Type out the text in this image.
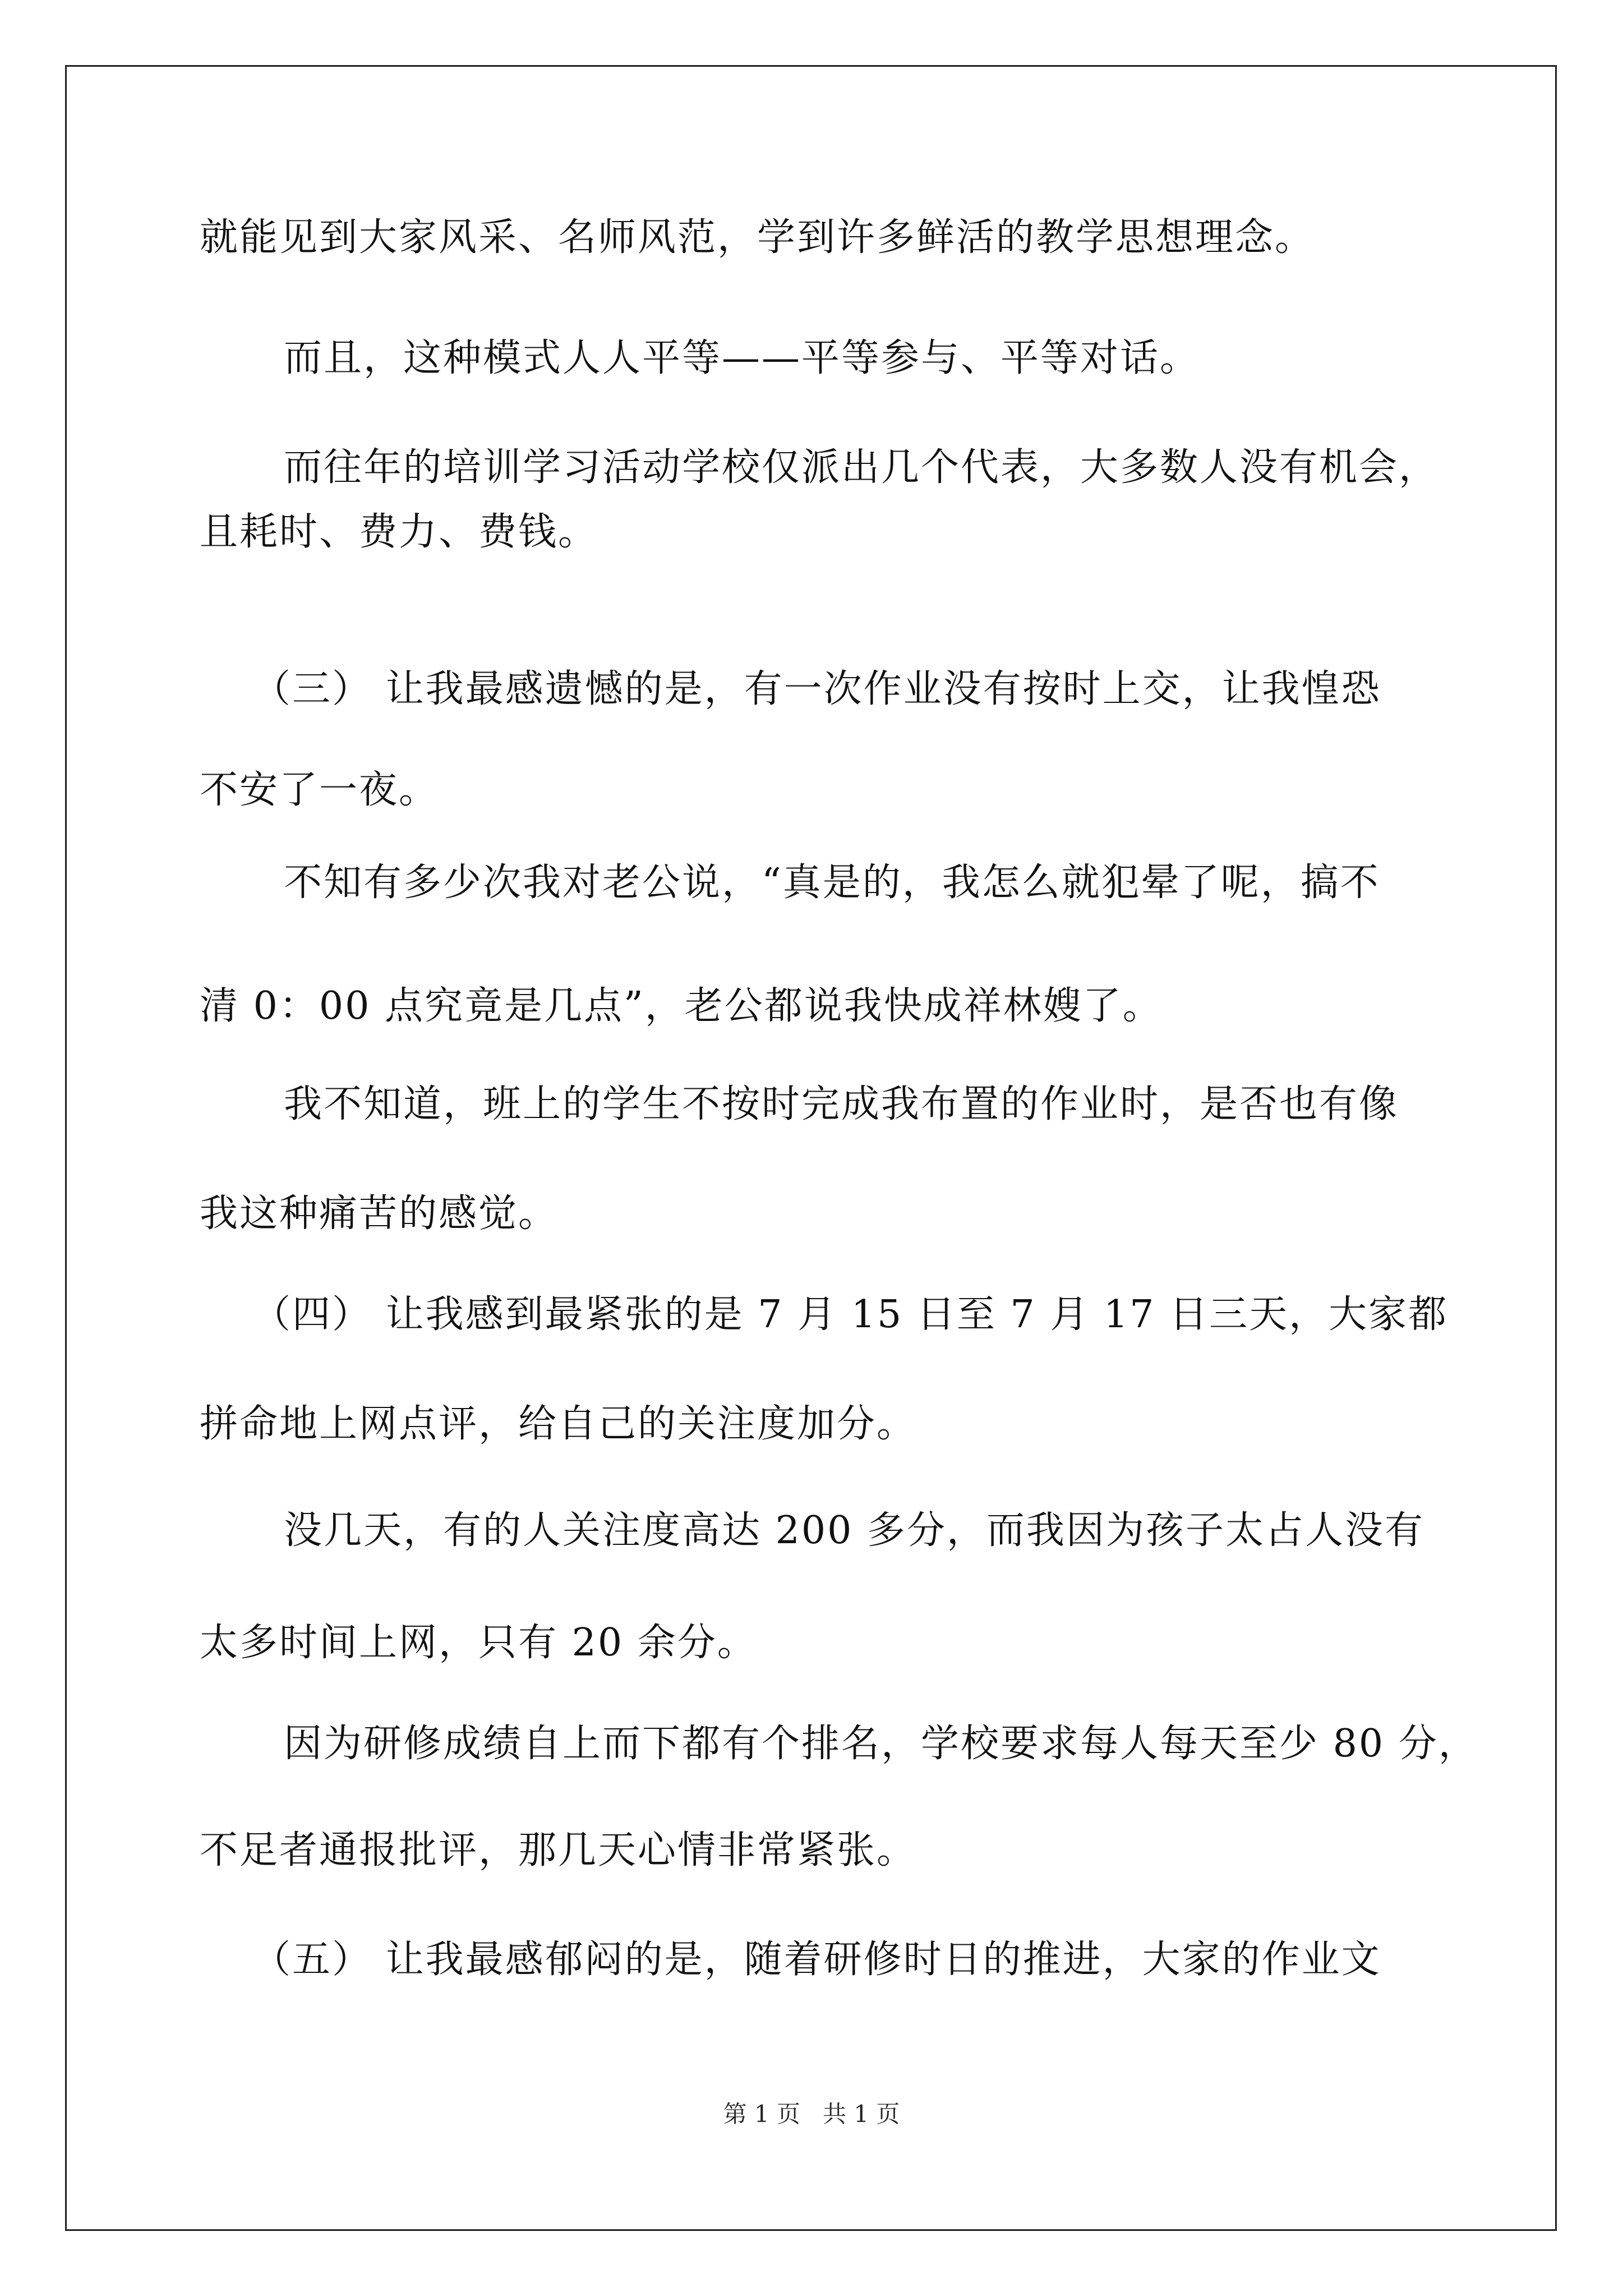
就能见到大家风采、名师风范，学到许多鲜活的教学思想理念。
而且，这种模式人人平等——平等参与、平等对话。
而往年的培训学习活动学校仅派出几个代表，大多数人没有机会，
且耗时、费力、费钱。
（三） 让我最感遗憾的是，有一次作业没有按时上交，让我惶恐
不安了一夜。
不知有多少次我对老公说，“真是的，我怎么就犯晕了呢，搞不
清 0：00 点究竟是几点”，老公都说我快成祥林嫂了。
我不知道，班上的学生不按时完成我布置的作业时，是否也有像
我这种痛苦的感觉。
（四） 让我感到最紧张的是 7 月 15 日至 7 月 17 日三天，大家都
拼命地上网点评，给自己的关注度加分。
没几天，有的人关注度高达 200 多分，而我因为孩子太占人没有
太多时间上网，只有 20 余分。
因为研修成绩自上而下都有个排名，学校要求每人每天至少 80 分，
不足者通报批评，那几天心情非常紧张。
（五） 让我最感郁闷的是，随着研修时日的推进，大家的作业文
第 1 页 共 1 页
